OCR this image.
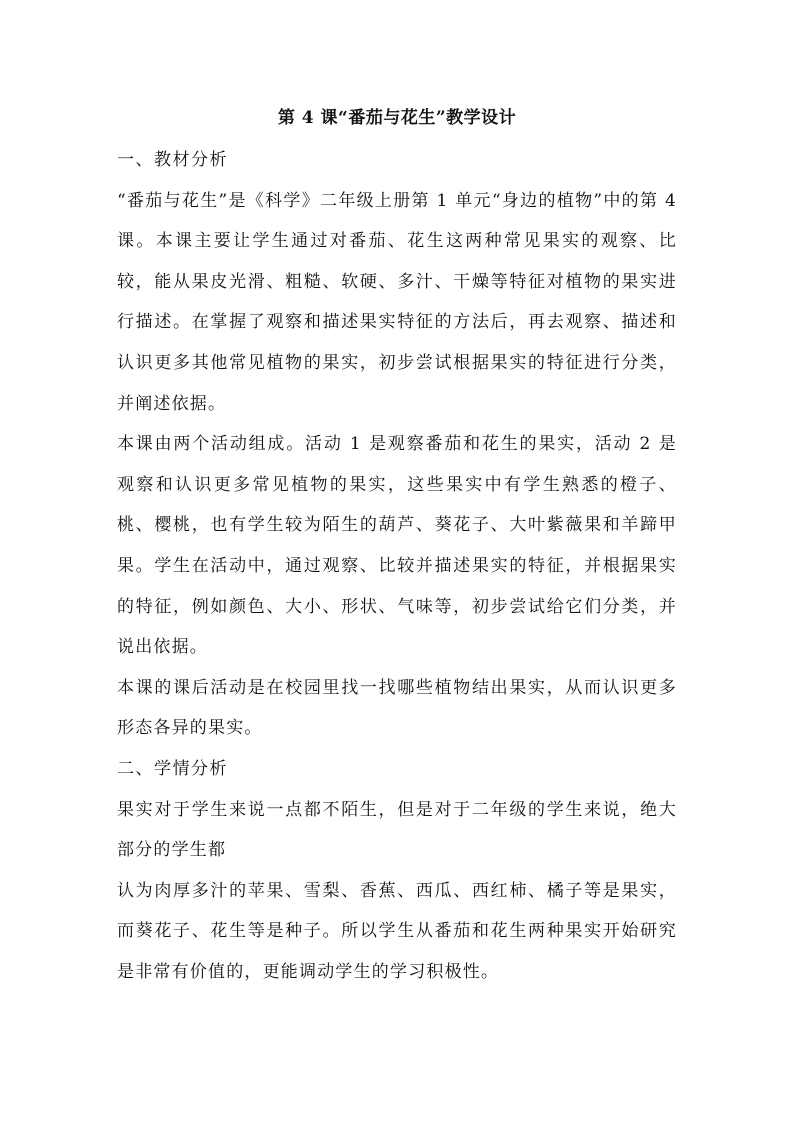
第 4 课“番茄与花生”教学设计

一、教材分析

“番茄与花生”是《科学》二年级上册第 1 单元“身边的植物”中的第 4 课。本课主要让学生通过对番茄、花生这两种常见果实的观察、比较，能从果皮光滑、粗糙、软硬、多汁、干燥等特征对植物的果实进行描述。在掌握了观察和描述果实特征的方法后，再去观察、描述和认识更多其他常见植物的果实，初步尝试根据果实的特征进行分类，并阐述依据。

本课由两个活动组成。活动 1 是观察番茄和花生的果实，活动 2 是观察和认识更多常见植物的果实，这些果实中有学生熟悉的橙子、桃、樱桃，也有学生较为陌生的葫芦、葵花子、大叶紫薇果和羊蹄甲果。学生在活动中，通过观察、比较并描述果实的特征，并根据果实的特征，例如颜色、大小、形状、气味等，初步尝试给它们分类，并说出依据。

本课的课后活动是在校园里找一找哪些植物结出果实，从而认识更多形态各异的果实。

二、学情分析

果实对于学生来说一点都不陌生，但是对于二年级的学生来说，绝大部分的学生都

认为肉厚多汁的苹果、雪梨、香蕉、西瓜、西红柿、橘子等是果实，而葵花子、花生等是种子。所以学生从番茄和花生两种果实开始研究是非常有价值的，更能调动学生的学习积极性。
